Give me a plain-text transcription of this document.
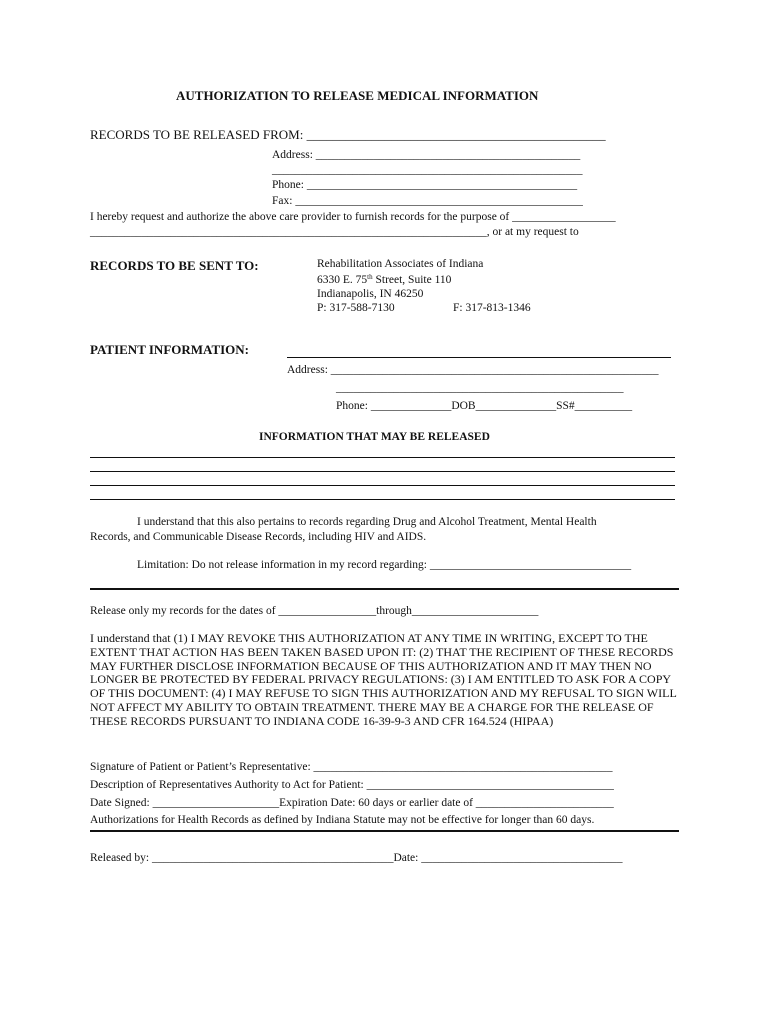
AUTHORIZATION TO RELEASE MEDICAL INFORMATION
RECORDS TO BE RELEASED FROM: ______________________________________________
Address: ______________________________________________
______________________________________________________
Phone: _______________________________________________
Fax: __________________________________________________
I hereby request and authorize the above care provider to furnish records for the purpose of __________________
_____________________________________________________________________, or at my request to
RECORDS TO BE SENT TO:	Rehabilitation Associates of Indiana
6330 E. 75th Street, Suite 110
Indianapolis, IN 46250
P: 317-588-7130	F: 317-813-1346
PATIENT INFORMATION:
Address: _________________________________________________________
__________________________________________________
Phone: ______________DOB______________SS#__________
INFORMATION THAT MAY BE RELEASED
I understand that this also pertains to records regarding Drug and Alcohol Treatment, Mental Health
Records, and Communicable Disease Records, including HIV and AIDS.
Limitation: Do not release information in my record regarding: ___________________________________
Release only my records for the dates of _________________through______________________
I understand that (1) I MAY REVOKE THIS AUTHORIZATION AT ANY TIME IN WRITING, EXCEPT TO THE EXTENT THAT ACTION HAS BEEN TAKEN BASED UPON IT: (2) THAT THE RECIPIENT OF THESE RECORDS MAY FURTHER DISCLOSE INFORMATION BECAUSE OF THIS AUTHORIZATION AND IT MAY THEN NO LONGER BE PROTECTED BY FEDERAL PRIVACY REGULATIONS: (3) I AM ENTITLED TO ASK FOR A COPY OF THIS DOCUMENT: (4) I MAY REFUSE TO SIGN THIS AUTHORIZATION AND MY REFUSAL TO SIGN WILL NOT AFFECT MY ABILITY TO OBTAIN TREATMENT. THERE MAY BE A CHARGE FOR THE RELEASE OF THESE RECORDS PURSUANT TO INDIANA CODE 16-39-9-3 AND CFR 164.524 (HIPAA)
Signature of Patient or Patient’s Representative: ____________________________________________________
Description of Representatives Authority to Act for Patient: ___________________________________________
Date Signed: ______________________Expiration Date: 60 days or earlier date of ________________________
Authorizations for Health Records as defined by Indiana Statute may not be effective for longer than 60 days.
Released by: __________________________________________Date: ___________________________________
